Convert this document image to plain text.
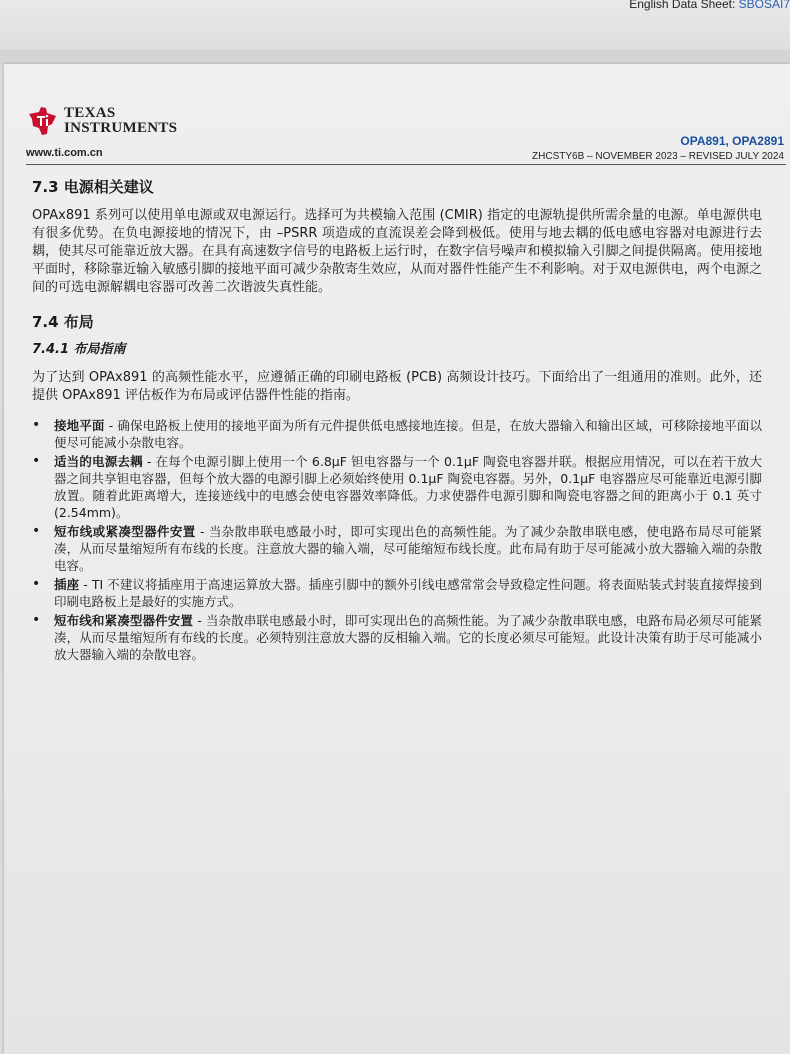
English Data Sheet: SBOSAI7
TEXAS
INSTRUMENTS
www.ti.com.cn
OPA891, OPA2891
ZHCSTY6B – NOVEMBER 2023 – REVISED JULY 2024
7.3 电源相关建议

OPAx891 系列可以使用单电源或双电源运行。选择可为共模输入范围 (CMIR) 指定的电源轨提供所需余量的电源。单电源供电有很多优势。在负电源接地的情况下，由 –PSRR 项造成的直流误差会降到极低。使用与地去耦的低电感电容器对电源进行去耦，使其尽可能靠近放大器。在具有高速数字信号的电路板上运行时，在数字信号噪声和模拟输入引脚之间提供隔离。使用接地平面时，移除靠近输入敏感引脚的接地平面可减少杂散寄生效应，从而对器件性能产生不利影响。对于双电源供电，两个电源之间的可选电源解耦电容器可改善二次谐波失真性能。

7.4 布局
7.4.1 布局指南

为了达到 OPAx891 的高频性能水平，应遵循正确的印刷电路板 (PCB) 高频设计技巧。下面给出了一组通用的准则。此外，还提供 OPAx891 评估板作为布局或评估器件性能的指南。

• 接地平面 - 确保电路板上使用的接地平面为所有元件提供低电感接地连接。但是，在放大器输入和输出区域，可移除接地平面以便尽可能减小杂散电容。
• 适当的电源去耦 - 在每个电源引脚上使用一个 6.8µF 钽电容器与一个 0.1µF 陶瓷电容器并联。根据应用情况，可以在若干放大器之间共享钽电容器，但每个放大器的电源引脚上必须始终使用 0.1µF 陶瓷电容器。另外，0.1µF 电容器应尽可能靠近电源引脚放置。随着此距离增大，连接迹线中的电感会使电容器效率降低。力求使器件电源引脚和陶瓷电容器之间的距离小于 0.1 英寸 (2.54mm)。
• 短布线或紧凑型器件安置 - 当杂散串联电感最小时，即可实现出色的高频性能。为了减少杂散串联电感，使电路布局尽可能紧凑，从而尽量缩短所有布线的长度。注意放大器的输入端，尽可能缩短布线长度。此布局有助于尽可能减小放大器输入端的杂散电容。
• 插座 - TI 不建议将插座用于高速运算放大器。插座引脚中的额外引线电感常常会导致稳定性问题。将表面贴装式封装直接焊接到印刷电路板上是最好的实施方式。
• 短布线和紧凑型器件安置 - 当杂散串联电感最小时，即可实现出色的高频性能。为了减少杂散串联电感，电路布局必须尽可能紧凑，从而尽量缩短所有布线的长度。必须特别注意放大器的反相输入端。它的长度必须尽可能短。此设计决策有助于尽可能减小放大器输入端的杂散电容。
